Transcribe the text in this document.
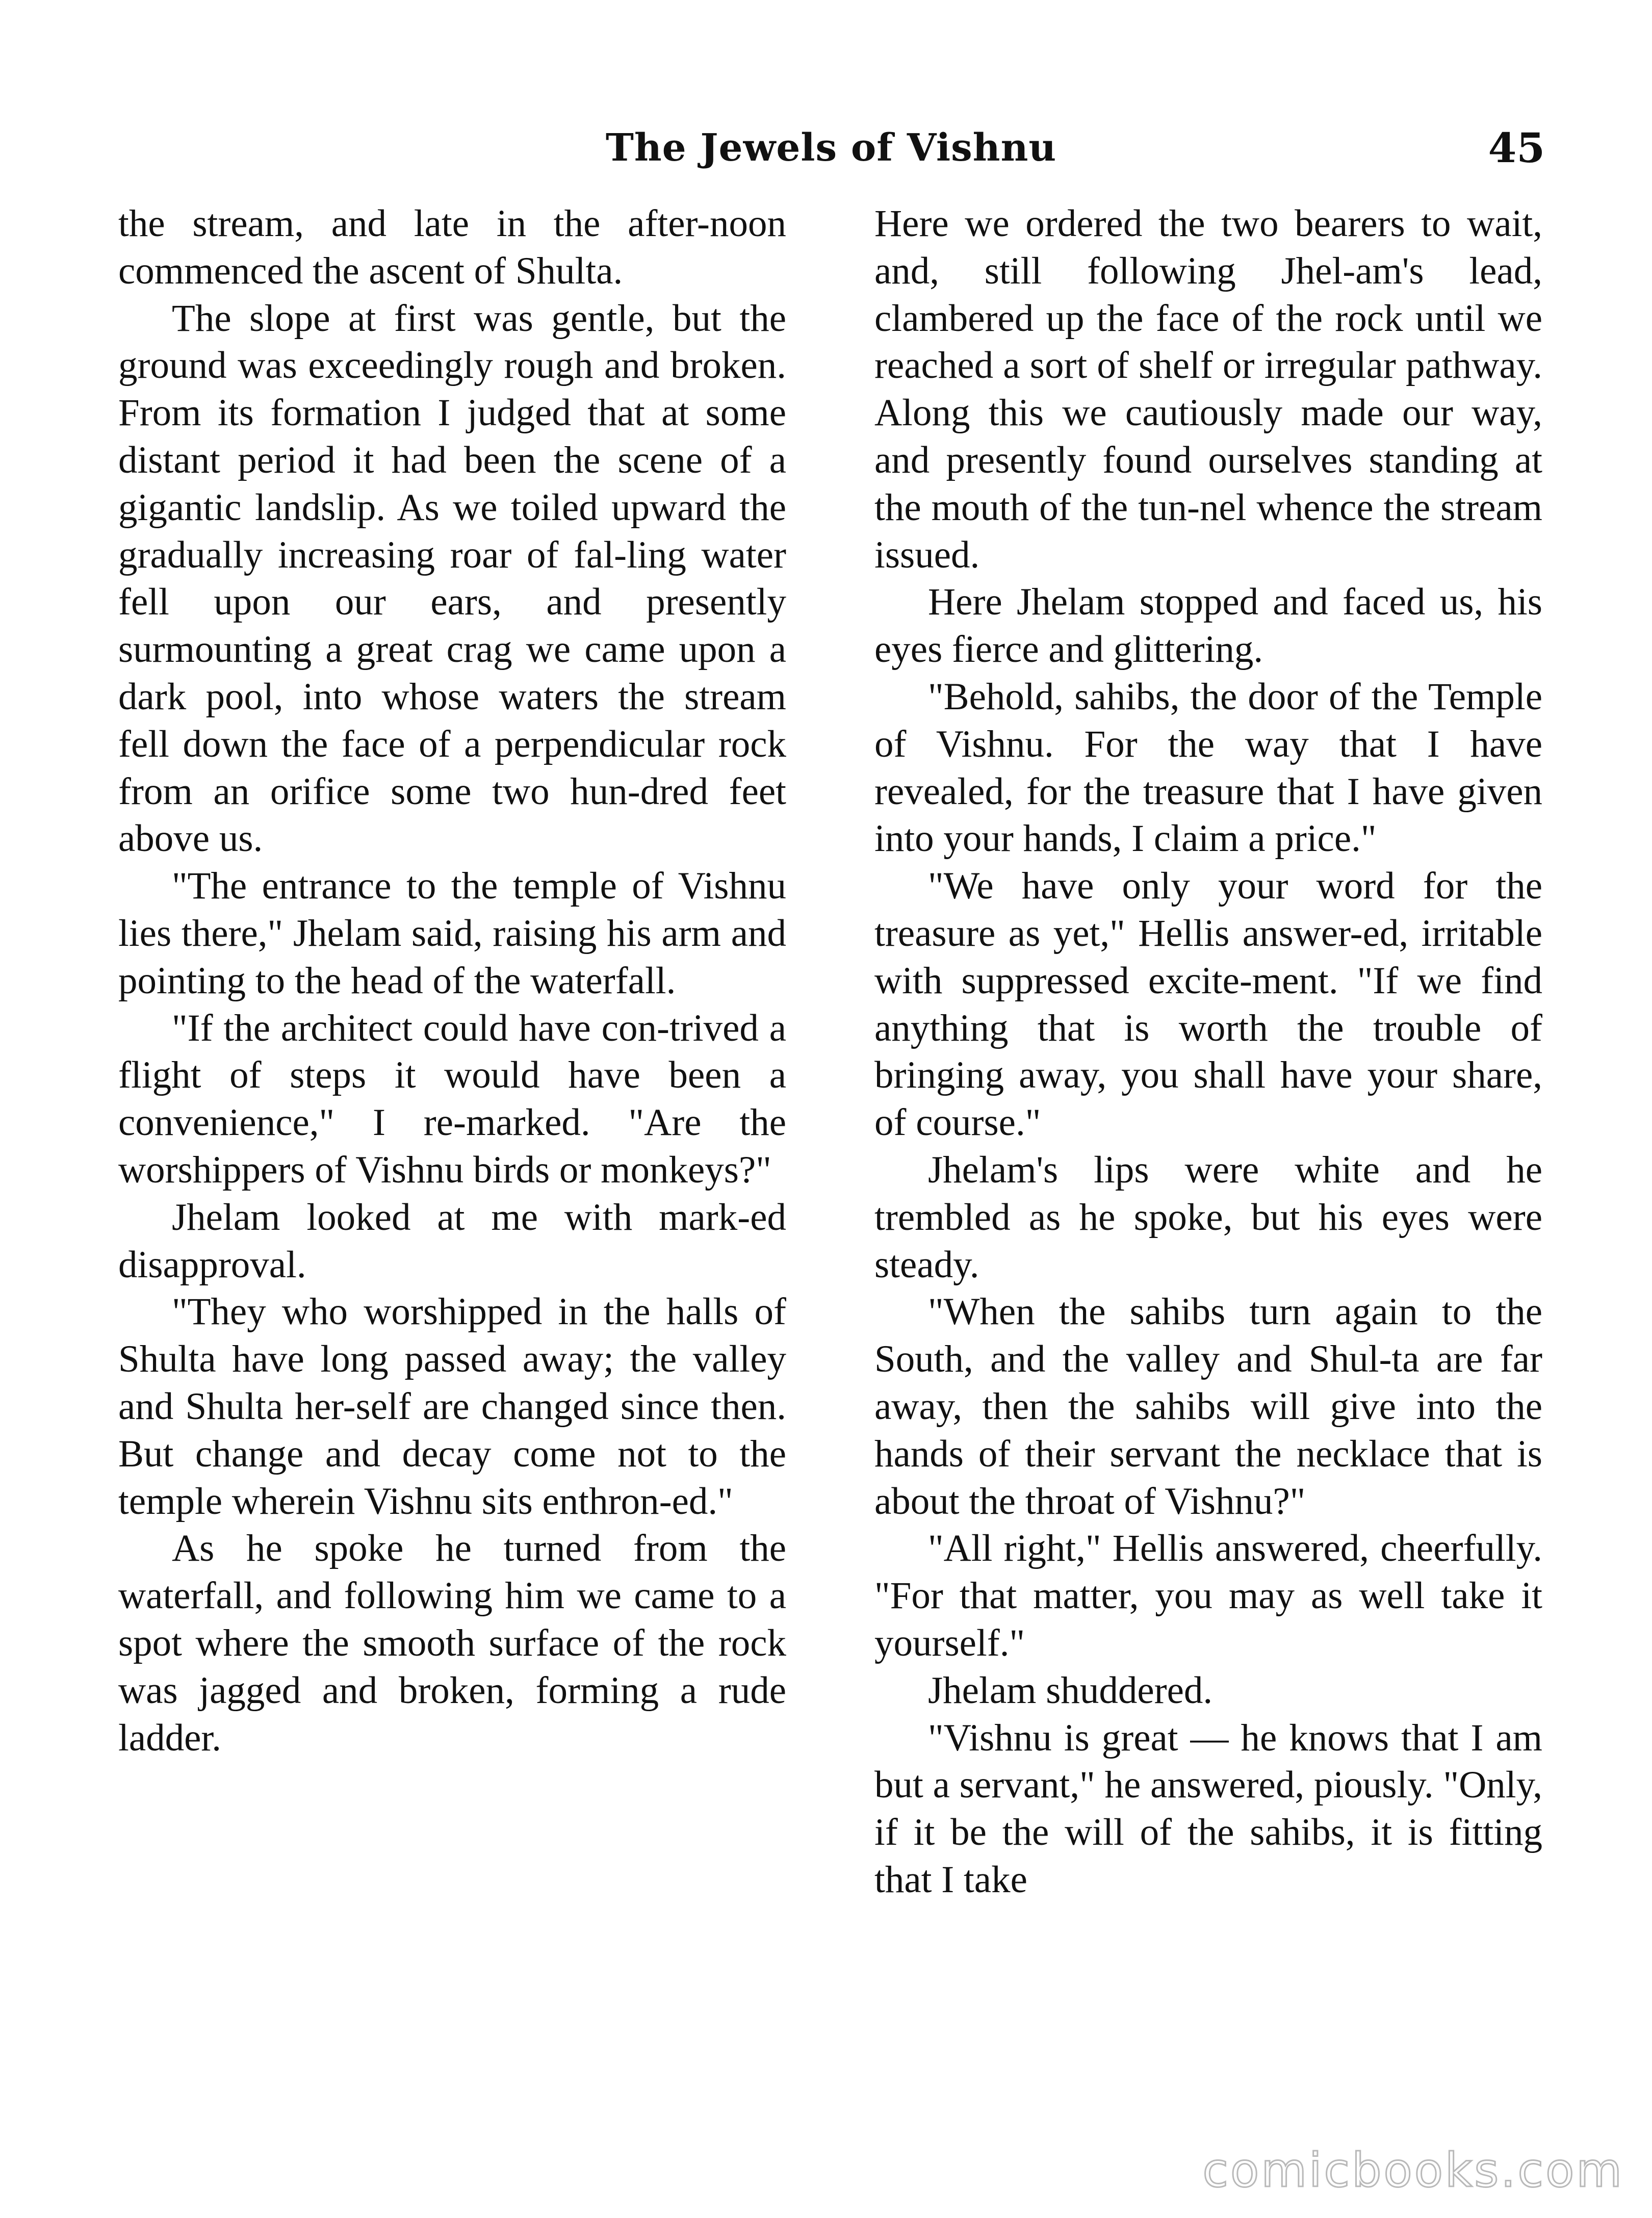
The Jewels of Vishnu	45

the stream, and late in the after-noon commenced the ascent of Shulta.

The slope at first was gentle, but the ground was exceedingly rough and broken. From its formation I judged that at some distant period it had been the scene of a gigantic landslip. As we toiled upward the gradually increasing roar of fal-ling water fell upon our ears, and presently surmounting a great crag we came upon a dark pool, into whose waters the stream fell down the face of a perpendicular rock from an orifice some two hun-dred feet above us.

"The entrance to the temple of Vishnu lies there," Jhelam said, raising his arm and pointing to the head of the waterfall.

"If the architect could have con-trived a flight of steps it would have been a convenience," I re-marked. "Are the worshippers of Vishnu birds or monkeys?"

Jhelam looked at me with mark-ed disapproval.

"They who worshipped in the halls of Shulta have long passed away; the valley and Shulta her-self are changed since then. But change and decay come not to the temple wherein Vishnu sits enthron-ed."

As he spoke he turned from the waterfall, and following him we came to a spot where the smooth surface of the rock was jagged and broken, forming a rude ladder.

Here we ordered the two bearers to wait, and, still following Jhel-am's lead, clambered up the face of the rock until we reached a sort of shelf or irregular pathway. Along this we cautiously made our way, and presently found ourselves standing at the mouth of the tun-nel whence the stream issued.

Here Jhelam stopped and faced us, his eyes fierce and glittering.

"Behold, sahibs, the door of the Temple of Vishnu. For the way that I have revealed, for the treasure that I have given into your hands, I claim a price."

"We have only your word for the treasure as yet," Hellis answer-ed, irritable with suppressed excite-ment. "If we find anything that is worth the trouble of bringing away, you shall have your share, of course."

Jhelam's lips were white and he trembled as he spoke, but his eyes were steady.

"When the sahibs turn again to the South, and the valley and Shul-ta are far away, then the sahibs will give into the hands of their servant the necklace that is about the throat of Vishnu?"

"All right," Hellis answered, cheerfully. "For that matter, you may as well take it yourself."

Jhelam shuddered.

"Vishnu is great — he knows that I am but a servant," he answered, piously. "Only, if it be the will of the sahibs, it is fitting that I take

comicbooks.com
